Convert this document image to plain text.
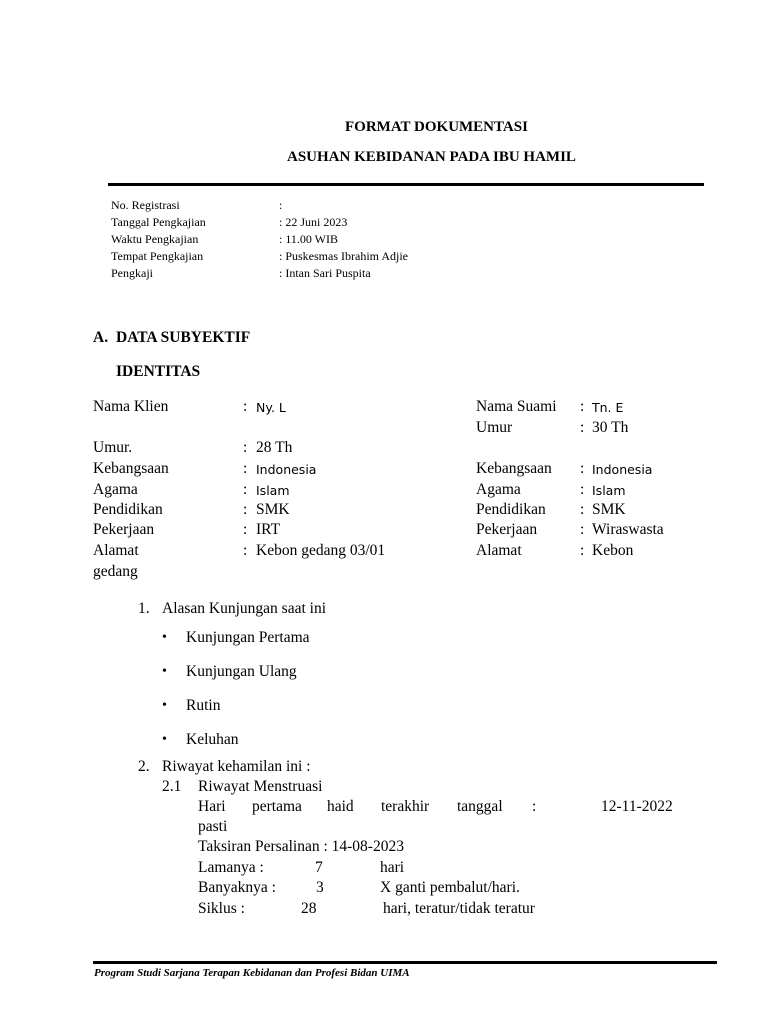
FORMAT DOKUMENTASI
ASUHAN KEBIDANAN PADA IBU HAMIL
No. Registrasi	:
Tanggal Pengkajian	: 22 Juni 2023
Waktu Pengkajian	: 11.00 WIB
Tempat Pengkajian	: Puskesmas Ibrahim Adjie
Pengkaji	: Intan Sari Puspita
A. DATA SUBYEKTIF
IDENTITAS
Nama Klien	: Ny. L
Umur.	: 28 Th
Kebangsaan	: Indonesia
Agama	: Islam
Pendidikan	: SMK
Pekerjaan	: IRT
Alamat	: Kebon gedang 03/01
gedang
Nama Suami : Tn. E
Umur	: 30 Th
Kebangsaan : Indonesia
Agama	: Islam
Pendidikan : SMK
Pekerjaan	: Wiraswasta
Alamat	: Kebon
1. Alasan Kunjungan saat ini
• Kunjungan Pertama
• Kunjungan Ulang
• Rutin
• Keluhan
2. Riwayat kehamilan ini :
2.1 Riwayat Menstruasi
Hari pertama haid terakhir tanggal :	12-11-2022
pasti
Taksiran Persalinan : 14-08-2023
Lamanya :	7	hari
Banyaknya :	3	X ganti pembalut/hari.
Siklus :	28	hari, teratur/tidak teratur
Program Studi Sarjana Terapan Kebidanan dan Profesi Bidan UIMA
